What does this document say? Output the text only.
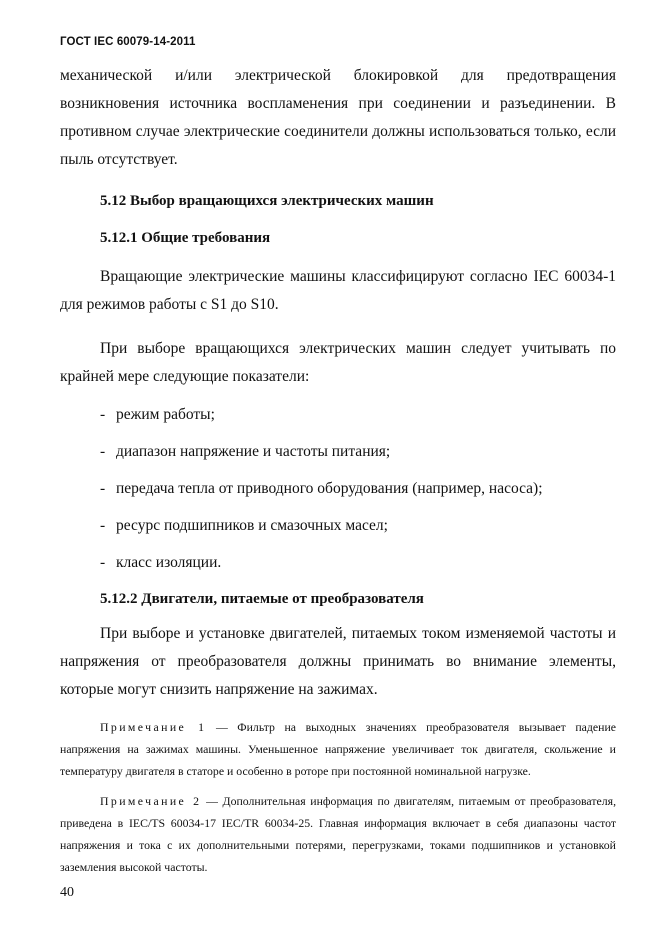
ГОСТ IEC 60079-14-2011

механической и/или электрической блокировкой для предотвращения возникновения источника воспламенения при соединении и разъединении. В противном случае электрические соединители должны использоваться только, если пыль отсутствует.

5.12 Выбор вращающихся электрических машин

5.12.1 Общие требования

Вращающие электрические машины классифицируют согласно IEC 60034-1 для режимов работы с S1 до S10.

При выборе вращающихся электрических машин следует учитывать по крайней мере следующие показатели:

- режим работы;
- диапазон напряжение и частоты питания;
- передача тепла от приводного оборудования (например, насоса);
- ресурс подшипников и смазочных масел;
- класс изоляции.

5.12.2 Двигатели, питаемые от преобразователя

При выборе и установке двигателей, питаемых током изменяемой частоты и напряжения от преобразователя должны принимать во внимание элементы, которые могут снизить напряжение на зажимах.

Примечание 1 — Фильтр на выходных значениях преобразователя вызывает падение напряжения на зажимах машины. Уменьшенное напряжение увеличивает ток двигателя, скольжение и температуру двигателя в статоре и особенно в роторе при постоянной номинальной нагрузке.

Примечание 2 — Дополнительная информация по двигателям, питаемым от преобразователя, приведена в IEC/TS 60034-17 IEC/TR 60034-25. Главная информация включает в себя диапазоны частот напряжения и тока с их дополнительными потерями, перегрузками, токами подшипников и установкой заземления высокой частоты.

40
